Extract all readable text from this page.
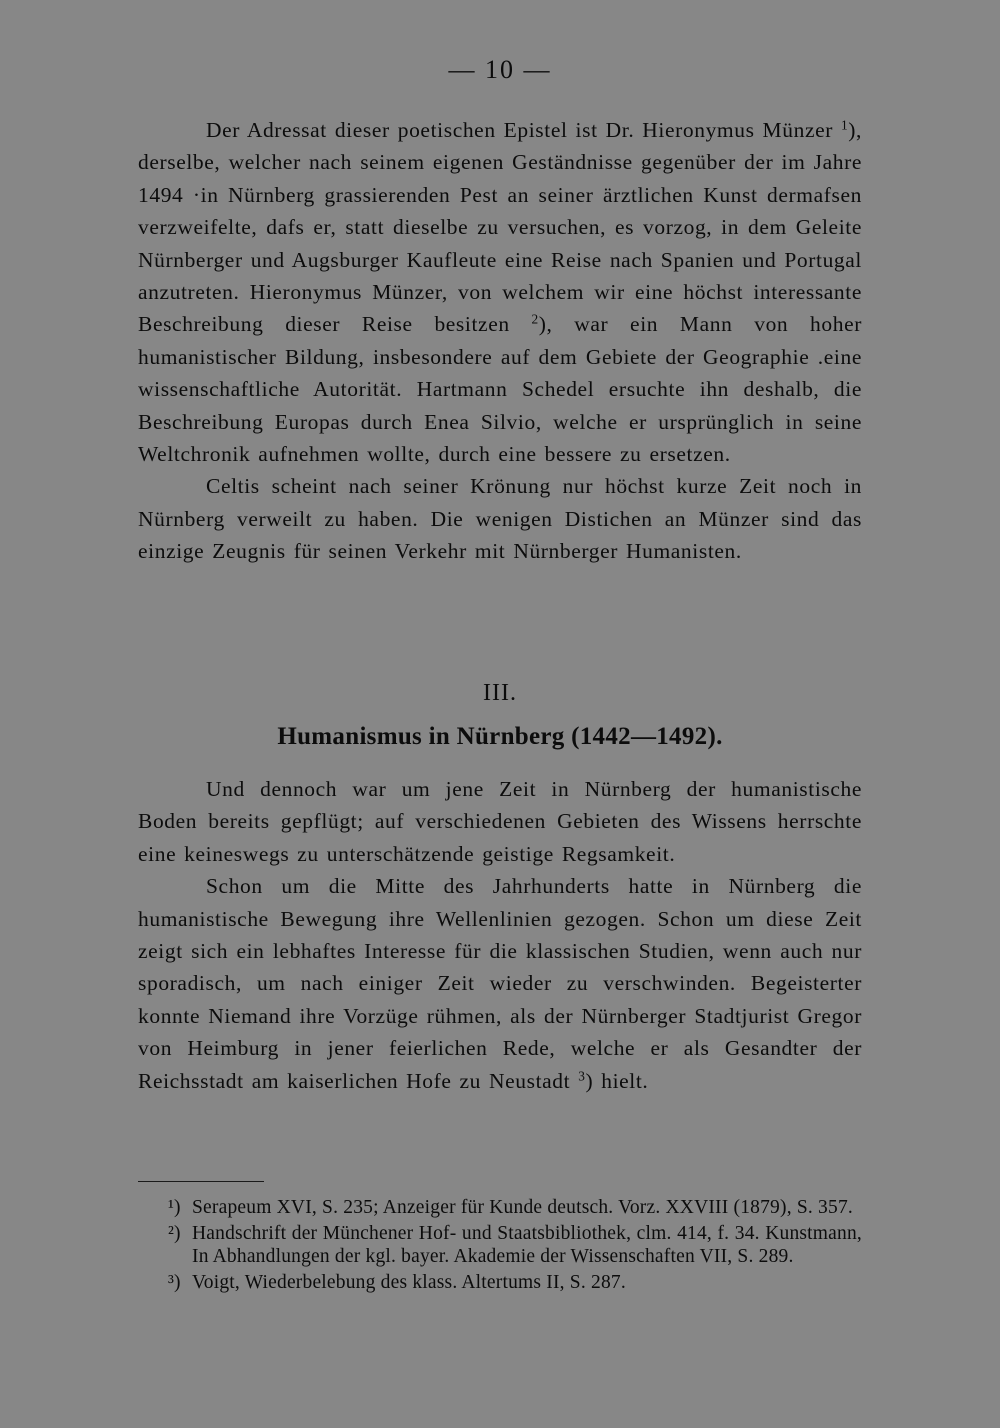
— 10 —

Der Adressat dieser poetischen Epistel ist Dr. Hieronymus Münzer $^1$), derselbe, welcher nach seinem eigenen Geständnisse gegenüber der im Jahre 1494 ·in Nürnberg grassierenden Pest an seiner ärztlichen Kunst dermafsen verzweifelte, dafs er, statt dieselbe zu versuchen, es vorzog, in dem Geleite Nürnberger und Augsburger Kaufleute eine Reise nach Spanien und Portugal anzutreten. Hieronymus Münzer, von welchem wir eine höchst interessante Beschreibung dieser Reise besitzen $^2$), war ein Mann von hoher humanistischer Bildung, insbesondere auf dem Gebiete der Geographie .eine wissenschaftliche Autorität. Hartmann Schedel ersuchte ihn deshalb, die Beschreibung Europas durch Enea Silvio, welche er ursprünglich in seine Weltchronik aufnehmen wollte, durch eine bessere zu ersetzen.

Celtis scheint nach seiner Krönung nur höchst kurze Zeit noch in Nürnberg verweilt zu haben. Die wenigen Distichen an Münzer sind das einzige Zeugnis für seinen Verkehr mit Nürnberger Humanisten.

III.
Humanismus in Nürnberg (1442—1492).

Und dennoch war um jene Zeit in Nürnberg der humanistische Boden bereits gepflügt; auf verschiedenen Gebieten des Wissens herrschte eine keineswegs zu unterschätzende geistige Regsamkeit.

Schon um die Mitte des Jahrhunderts hatte in Nürnberg die humanistische Bewegung ihre Wellenlinien gezogen. Schon um diese Zeit zeigt sich ein lebhaftes Interesse für die klassischen Studien, wenn auch nur sporadisch, um nach einiger Zeit wieder zu verschwinden. Begeisterter konnte Niemand ihre Vorzüge rühmen, als der Nürnberger Stadtjurist Gregor von Heimburg in jener feierlichen Rede, welche er als Gesandter der Reichsstadt am kaiserlichen Hofe zu Neustadt $^3$) hielt.

¹) Serapeum XVI, S. 235; Anzeiger für Kunde deutsch. Vorz. XXVIII (1879), S. 357.
²) Handschrift der Münchener Hof- und Staatsbibliothek, clm. 414, f. 34. Kunstmann, In Abhandlungen der kgl. bayer. Akademie der Wissenschaften VII, S. 289.
³) Voigt, Wiederbelebung des klass. Altertums II, S. 287.
